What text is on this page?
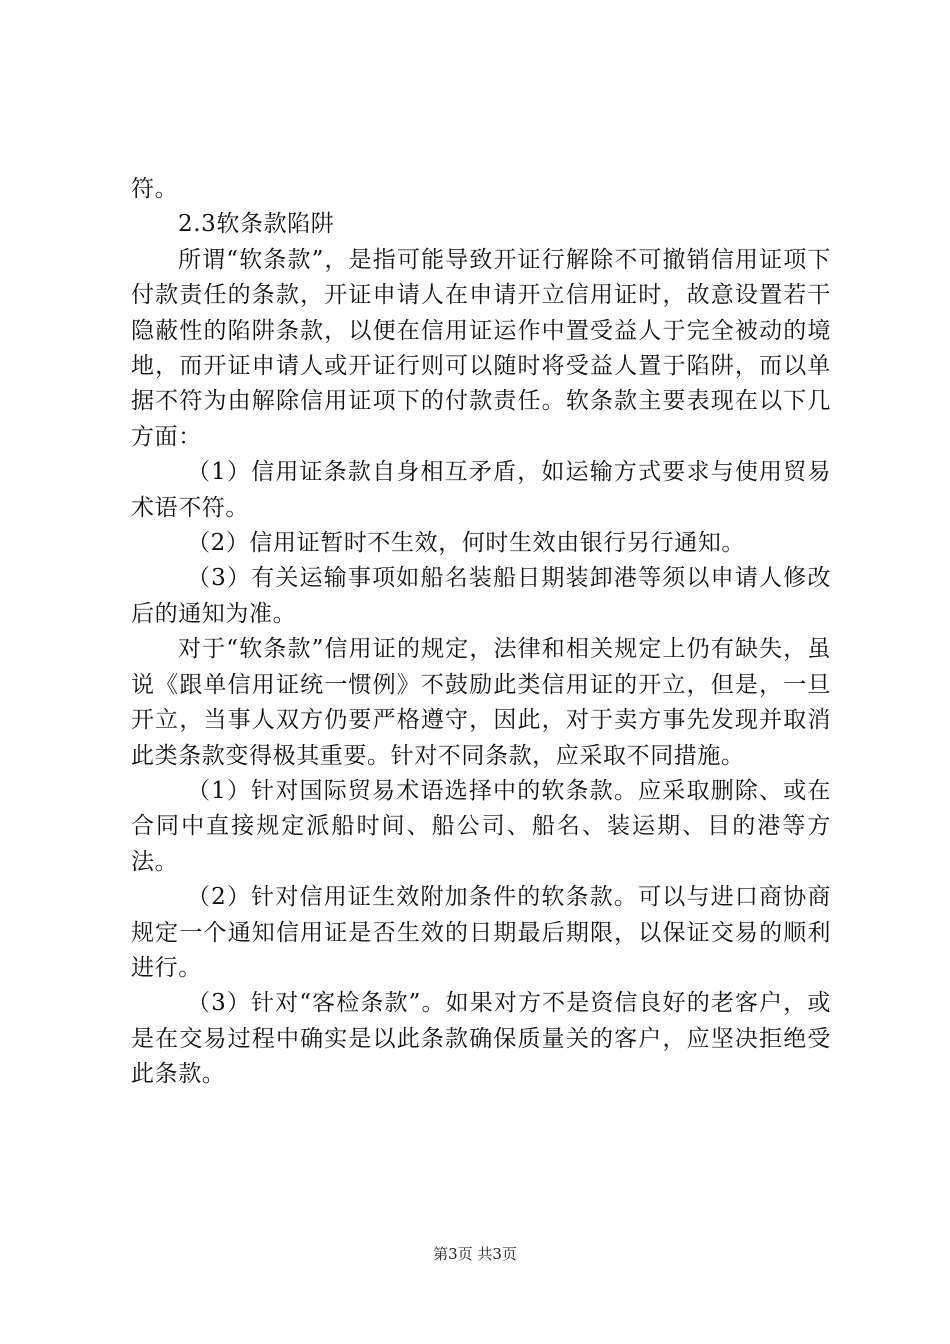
符。

2.3软条款陷阱

所谓“软条款”，是指可能导致开证行解除不可撤销信用证项下付款责任的条款，开证申请人在申请开立信用证时，故意设置若干隐蔽性的陷阱条款，以便在信用证运作中置受益人于完全被动的境地，而开证申请人或开证行则可以随时将受益人置于陷阱，而以单据不符为由解除信用证项下的付款责任。软条款主要表现在以下几方面：

（1）信用证条款自身相互矛盾，如运输方式要求与使用贸易术语不符。

（2）信用证暂时不生效，何时生效由银行另行通知。

（3）有关运输事项如船名装船日期装卸港等须以申请人修改后的通知为准。

对于“软条款”信用证的规定，法律和相关规定上仍有缺失，虽说《跟单信用证统一惯例》不鼓励此类信用证的开立，但是，一旦开立，当事人双方仍要严格遵守，因此，对于卖方事先发现并取消此类条款变得极其重要。针对不同条款，应采取不同措施。

（1）针对国际贸易术语选择中的软条款。应采取删除、或在合同中直接规定派船时间、船公司、船名、装运期、目的港等方法。

（2）针对信用证生效附加条件的软条款。可以与进口商协商规定一个通知信用证是否生效的日期最后期限，以保证交易的顺利进行。

（3）针对“客检条款”。如果对方不是资信良好的老客户，或是在交易过程中确实是以此条款确保质量关的客户，应坚决拒绝受此条款。

第3页 共3页
